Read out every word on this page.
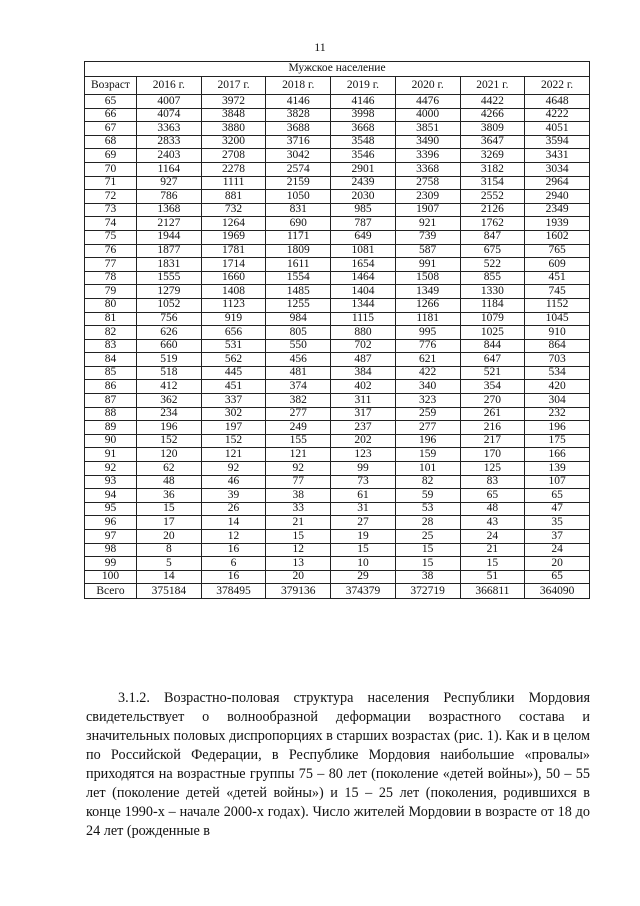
11
Мужское население							
Возраст	2016 г.	2017 г.	2018 г.	2019 г.	2020 г.	2021 г.	2022 г.
65	4007	3972	4146	4146	4476	4422	4648
66	4074	3848	3828	3998	4000	4266	4222
67	3363	3880	3688	3668	3851	3809	4051
68	2833	3200	3716	3548	3490	3647	3594
69	2403	2708	3042	3546	3396	3269	3431
70	1164	2278	2574	2901	3368	3182	3034
71	927	1111	2159	2439	2758	3154	2964
72	786	881	1050	2030	2309	2552	2940
73	1368	732	831	985	1907	2126	2349
74	2127	1264	690	787	921	1762	1939
75	1944	1969	1171	649	739	847	1602
76	1877	1781	1809	1081	587	675	765
77	1831	1714	1611	1654	991	522	609
78	1555	1660	1554	1464	1508	855	451
79	1279	1408	1485	1404	1349	1330	745
80	1052	1123	1255	1344	1266	1184	1152
81	756	919	984	1115	1181	1079	1045
82	626	656	805	880	995	1025	910
83	660	531	550	702	776	844	864
84	519	562	456	487	621	647	703
85	518	445	481	384	422	521	534
86	412	451	374	402	340	354	420
87	362	337	382	311	323	270	304
88	234	302	277	317	259	261	232
89	196	197	249	237	277	216	196
90	152	152	155	202	196	217	175
91	120	121	121	123	159	170	166
92	62	92	92	99	101	125	139
93	48	46	77	73	82	83	107
94	36	39	38	61	59	65	65
95	15	26	33	31	53	48	47
96	17	14	21	27	28	43	35
97	20	12	15	19	25	24	37
98	8	16	12	15	15	21	24
99	5	6	13	10	15	15	20
100	14	16	20	29	38	51	65
Всего	375184	378495	379136	374379	372719	366811	364090

3.1.2. Возрастно-половая структура населения Республики Мордовия свидетельствует о волнообразной деформации возрастного состава и значительных половых диспропорциях в старших возрастах (рис. 1). Как и в целом по Российской Федерации, в Республике Мордовия наибольшие «провалы» приходятся на возрастные группы 75 – 80 лет (поколение «детей войны»), 50 – 55 лет (поколение детей «детей войны») и 15 – 25 лет (поколения, родившихся в конце 1990-х – начале 2000-х годах). Число жителей Мордовии в возрасте от 18 до 24 лет (рожденные в
